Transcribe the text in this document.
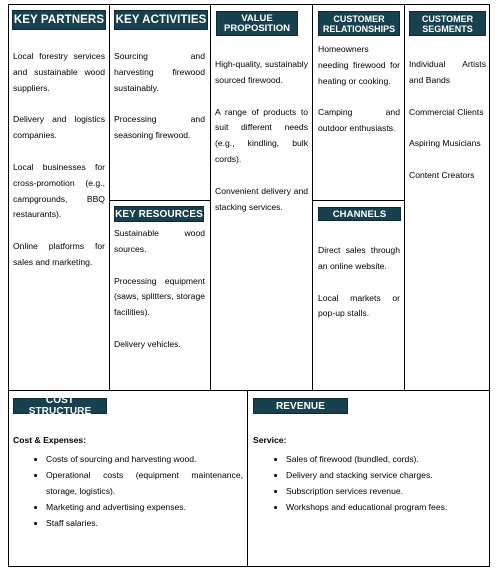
KEY PARTNERS

Local forestry services and sustainable wood suppliers.

Delivery and logistics companies.

Local businesses for cross-promotion (e.g., campgrounds, BBQ restaurants).

Online platforms for sales and marketing.

KEY ACTIVITIES

Sourcing and harvesting firewood sustainably.

Processing and seasoning firewood.

KEY RESOURCES

Sustainable wood sources.

Processing equipment (saws, splitters, storage facilities).

Delivery vehicles.

VALUE PROPOSITION

High-quality, sustainably sourced firewood.

A range of products to suit different needs (e.g., kindling, bulk cords).

Convenient delivery and stacking services.

CUSTOMER RELATIONSHIPS

Homeowners needing firewood for heating or cooking.

Camping and outdoor enthusiasts.

CHANNELS

Direct sales through an online website.

Local markets or pop-up stalls.

CUSTOMER SEGMENTS

Individual Artists and Bands

Commercial Clients

Aspiring Musicians

Content Creators

COST STRUCTURE
Cost & Expenses:
• Costs of sourcing and harvesting wood.
• Operational costs (equipment maintenance, storage, logistics).
• Marketing and advertising expenses.
• Staff salaries.
REVENUE
Service:
• Sales of firewood (bundled, cords).
• Delivery and stacking service charges.
• Subscription services revenue.
• Workshops and educational program fees.
